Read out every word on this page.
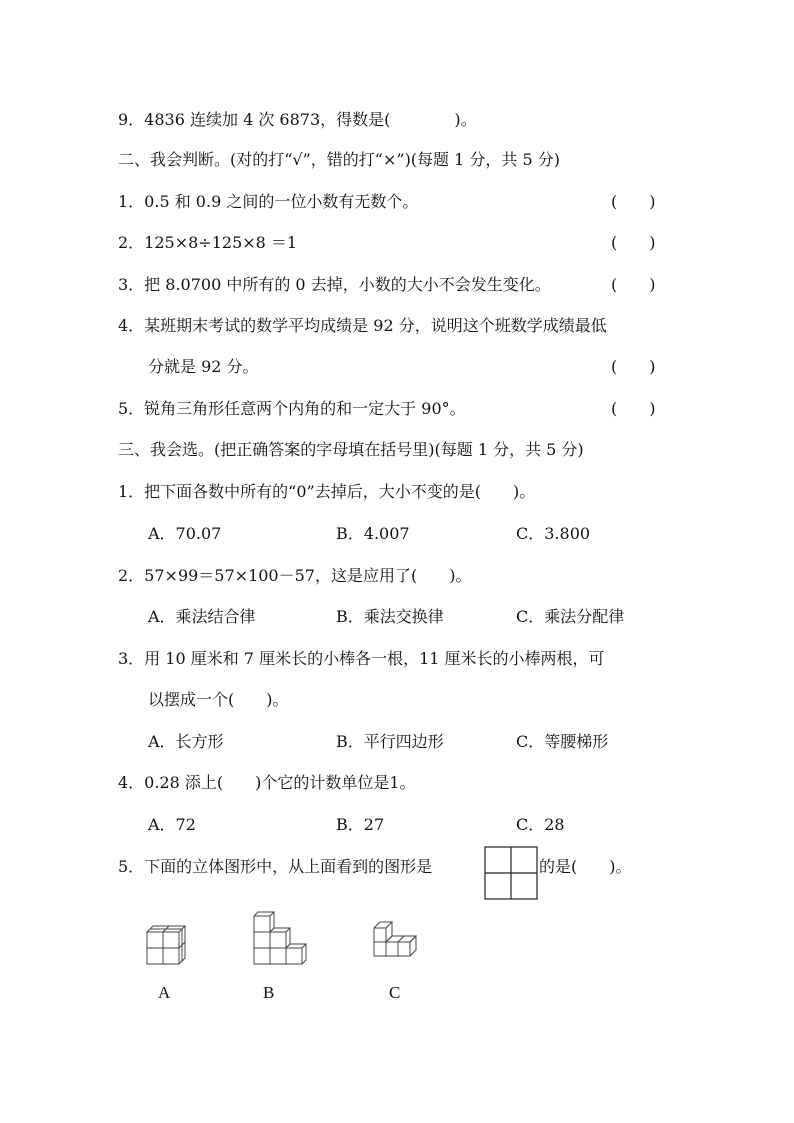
9．4836 连续加 4 次 6873，得数是(　　　　)。
二、我会判断。(对的打“√”，错的打“×”)(每题 1 分，共 5 分)
1．0.5 和 0.9 之间的一位小数有无数个。	(　　)
2．125×8÷125×8 ＝1	(　　)
3．把 8.0700 中所有的 0 去掉，小数的大小不会发生变化。	(　　)
4．某班期末考试的数学平均成绩是 92 分，说明这个班数学成绩最低
分就是 92 分。	(　　)
5．锐角三角形任意两个内角的和一定大于 90°。	(　　)
三、我会选。(把正确答案的字母填在括号里)(每题 1 分，共 5 分)
1．把下面各数中所有的“0”去掉后，大小不变的是(　　)。
A．70.07	B．4.007	C．3.800
2．57×99＝57×100－57，这是应用了(　　)。
A．乘法结合律	B．乘法交换律	C．乘法分配律
3．用 10 厘米和 7 厘米长的小棒各一根，11 厘米长的小棒两根，可
以摆成一个(　　)。
A．长方形	B．平行四边形	C．等腰梯形
4．0.28 添上(　　)个它的计数单位是1。
A．72	B．27	C．28
5．下面的立体图形中，从上面看到的图形是	的是(　　)。
A	B	C
